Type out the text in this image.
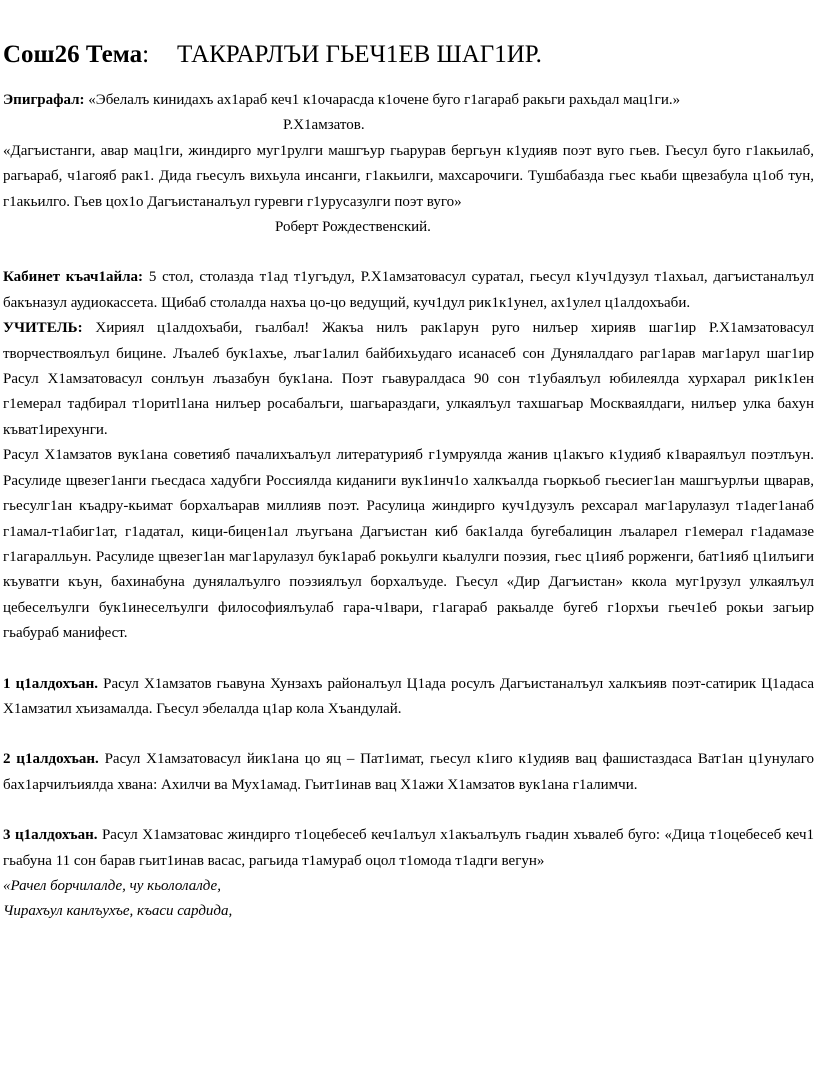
Сош26 Тема: ТАКРАРЛЪИ ГЬЕЧ1ЕВ ШАГ1ИР.

Эпиграфал: «Эбелалъ кинидахъ ах1араб кеч1 к1очарасда к1очене буго г1агараб ракьги рахьдал мац1ги.»

Р.Х1амзатов.

«Дагъистанги, авар мац1ги, жиндирго муг1рулги машгъур гьарурав бергьун к1удияв поэт вуго гьев. Гьесул буго г1акьилаб, рагьараб, ч1агояб рак1. Дида гьесулъ вихьула инсанги, г1акьилги, махсарочиги. Тушбабазда гьес кьаби щвезабула ц1об тун, г1акьилго. Гьев цох1о Дагъистаналъул гуревги г1урусазулги поэт вуго»

Роберт Рождественский.

Кабинет къач1айла: 5 стол, столазда т1ад т1угъдул, Р.Х1амзатовасул суратал, гьесул к1уч1дузул т1ахьал, дагъистаналъул бакъназул аудиокассета. Щибаб столалда нахъа цо-цо ведущий, куч1дул рик1к1унел, ах1улел ц1алдохъаби.

УЧИТЕЛЬ: Хириял ц1алдохъаби, гьалбал! Жакъа нилъ рак1арун руго нилъер хирияв шаг1ир Р.Х1амзатовасул творчествоялъул бицине. Лъалеб бук1ахъе, лъаг1алил байбихьудаго исанасеб сон Дунялалдаго раг1арав маг1арул шаг1ир Расул Х1амзатовасул сонлъун лъазабун бук1ана. Поэт гьавуралдаса 90 сон т1убаялъул юбилеялда хурхарал рик1к1ен г1емерал тадбирал т1оритl1ана нилъер росабалъги, шагьараздаги, улкаялъул тахшагьар Москваялдаги, нилъер улка бахун къват1ирехунги.

Расул Х1амзатов вук1ана советияб пачалихъалъул литературияб г1умруялда жанив ц1акъго к1удияб к1вараялъул поэтлъун. Расулиде щвезег1анги гьесдаса хадубги Россиялда киданиги вук1инч1о халкъалда гьоркьоб гьесиег1ан машгъурлъи щварав, гьесулг1ан къадру-кьимат борхалъарав миллияв поэт. Расулица жиндирго куч1дузулъ рехсарал маг1арулазул т1адег1анаб г1амал-т1абиг1ат, г1адатал, кици-бицен1ал лъугьана Дагъистан киб бак1алда бугебалицин лъаларел г1емерал г1адамазе г1агаралльун. Расулиде щвезег1ан маг1арулазул бук1араб рокьулги кьалулги поэзия, гьес ц1ияб рорженги, бат1ияб ц1илъиги къуватги къун, бахинабуна дунялалъулго поэзиялъул борхалъуде. Гьесул «Дир Дагъистан» ккола муг1рузул улкаялъул цебеселъулги бук1инеселъулги философиялъулаб гара-ч1вари, г1агараб ракьалде бугеб г1орхъи гьеч1еб рокьи загьир гьабураб манифест.

1 ц1алдохъан. Расул Х1амзатов гьавуна Хунзахъ районалъул Ц1ада росулъ Дагъистаналъул халкъияв поэт-сатирик Ц1адаса Х1амзатил хъизамалда. Гьесул эбелалда ц1ар кола Хъандулай.

2 ц1алдохъан. Расул Х1амзатовасул йик1ана цо яц – Пат1имат, гьесул к1иго к1удияв вац фашистаздаса Ват1ан ц1унулаго бах1арчилъиялда хвана: Ахилчи ва Мух1амад. Гьит1инав вац Х1ажи Х1амзатов вук1ана г1алимчи.

3 ц1алдохъан. Расул Х1амзатовас жиндирго т1оцебесеб кеч1алъул х1акъалъулъ гьадин хъвалеб буго: «Дица т1оцебесеб кеч1 гьабуна 11 сон барав гьит1инав васас, рагьида т1амураб оцол т1омода т1адги вегун»

«Рачел борчилалде, чу кьололалде,

Чирахъул канлъухъе, къаси сардида,
